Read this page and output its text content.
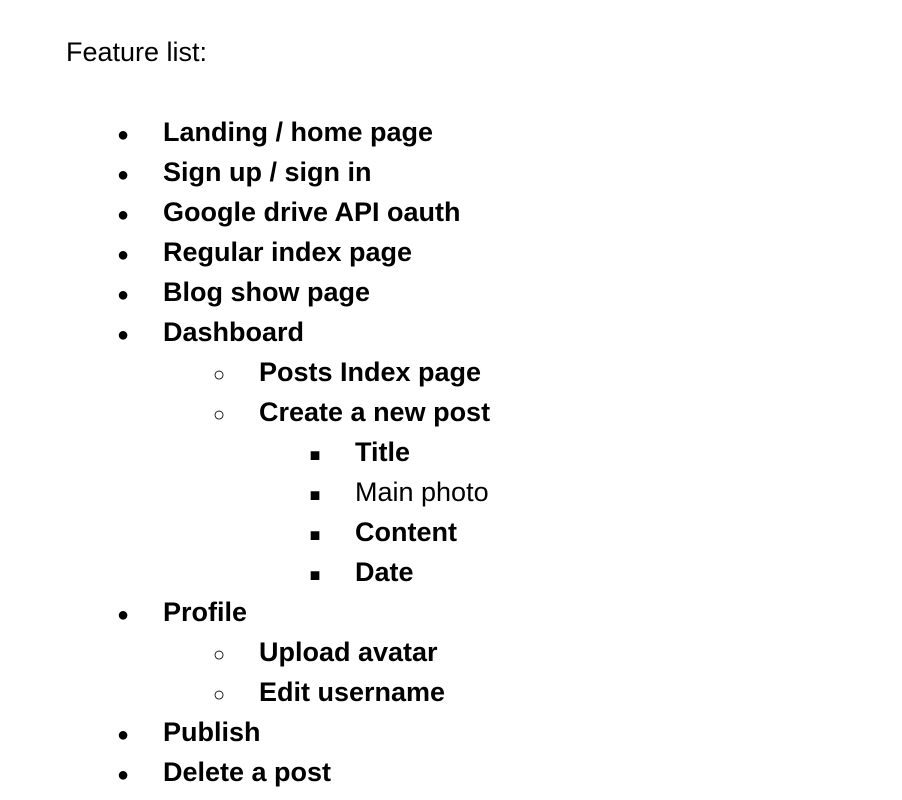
Feature list:
●
Landing / home page
●
Sign up / sign in
●
Google drive API oauth
●
Regular index page
●
Blog show page
●
Dashboard
○
Posts Index page
○
Create a new post
■
Title
■
Main photo
■
Content
■
Date
●
Profile
○
Upload avatar
○
Edit username
●
Publish
●
Delete a post
